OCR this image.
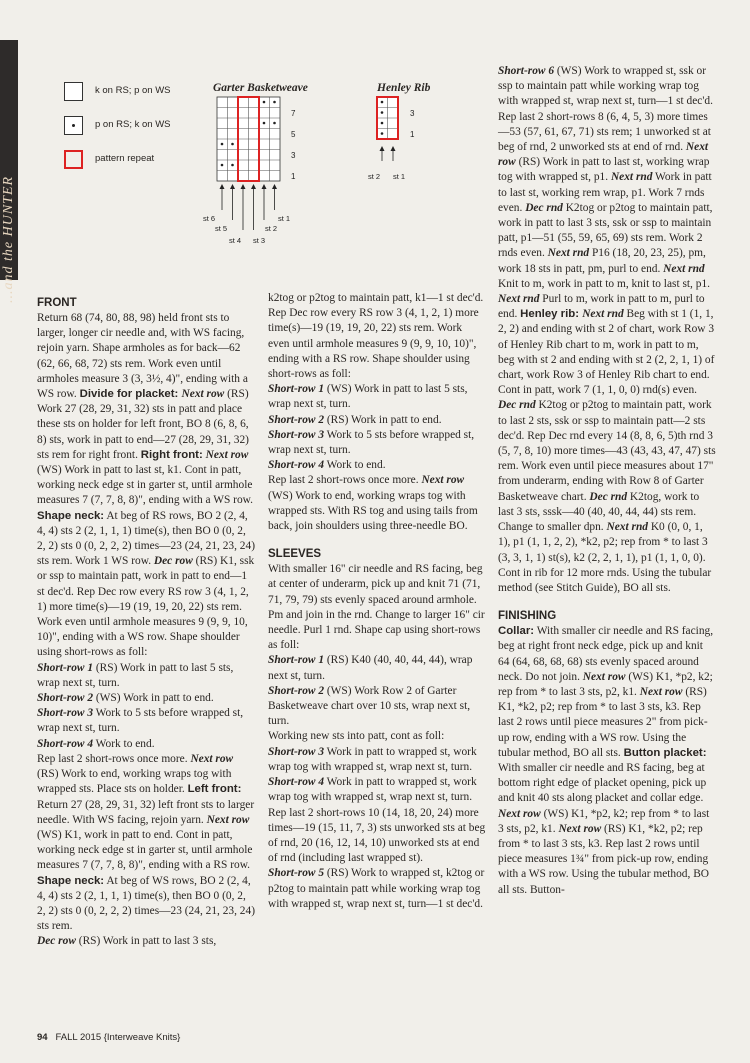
...and the HUNTER
k on RS; p on WS
p on RS; k on WS
pattern repeat
Garter Basketweave	Henley Rib
7
5
3
1
st 6
st 5
st 4 st 3
st 2
st 1
3
1
st 2 st 1
FRONT

Return 68 (74, 80, 88, 98) held front sts to larger, longer cir needle and, with WS facing, rejoin yarn. Shape armholes as for back—62 (62, 66, 68, 72) sts rem. Work even until armholes measure 3 (3, 3½, 4)", ending with a WS row. Divide for placket: Next row (RS) Work 27 (28, 29, 31, 32) sts in patt and place these sts on holder for left front, BO 8 (6, 8, 6, 8) sts, work in patt to end—27 (28, 29, 31, 32) sts rem for right front. Right front: Next row (WS) Work in patt to last st, k1. Cont in patt, working neck edge st in garter st, until armhole measures 7 (7, 7, 8, 8)", ending with a WS row. Shape neck: At beg of RS rows, BO 2 (2, 4, 4, 4) sts 2 (2, 1, 1, 1) time(s), then BO 0 (0, 2, 2, 2) sts 0 (0, 2, 2, 2) times—23 (24, 21, 23, 24) sts rem. Work 1 WS row. Dec row (RS) K1, ssk or ssp to maintain patt, work in patt to end—1 st dec'd. Rep Dec row every RS row 3 (4, 1, 2, 1) more time(s)—19 (19, 19, 20, 22) sts rem. Work even until armhole measures 9 (9, 9, 10, 10)", ending with a WS row. Shape shoulder using short-rows as foll:

Short-row 1 (RS) Work in patt to last 5 sts, wrap next st, turn.

Short-row 2 (WS) Work in patt to end.

Short-row 3 Work to 5 sts before wrapped st, wrap next st, turn.

Short-row 4 Work to end.

Rep last 2 short-rows once more. Next row (RS) Work to end, working wraps tog with wrapped sts. Place sts on holder. Left front: Return 27 (28, 29, 31, 32) left front sts to larger needle. With WS facing, rejoin yarn. Next row (WS) K1, work in patt to end. Cont in patt, working neck edge st in garter st, until armhole measures 7 (7, 7, 8, 8)", ending with a RS row. Shape neck: At beg of WS rows, BO 2 (2, 4, 4, 4) sts 2 (2, 1, 1, 1) time(s), then BO 0 (0, 2, 2, 2) sts 0 (0, 2, 2, 2) times—23 (24, 21, 23, 24) sts rem.

Dec row (RS) Work in patt to last 3 sts,

k2tog or p2tog to maintain patt, k1—1 st dec'd. Rep Dec row every RS row 3 (4, 1, 2, 1) more time(s)—19 (19, 19, 20, 22) sts rem. Work even until armhole measures 9 (9, 9, 10, 10)", ending with a RS row. Shape shoulder using short-rows as foll:

Short-row 1 (WS) Work in patt to last 5 sts, wrap next st, turn.

Short-row 2 (RS) Work in patt to end.

Short-row 3 Work to 5 sts before wrapped st, wrap next st, turn.

Short-row 4 Work to end.

Rep last 2 short-rows once more. Next row (WS) Work to end, working wraps tog with wrapped sts. With RS tog and using tails from back, join shoulders using three-needle BO.

SLEEVES

With smaller 16" cir needle and RS facing, beg at center of underarm, pick up and knit 71 (71, 71, 79, 79) sts evenly spaced around armhole. Pm and join in the rnd. Change to larger 16" cir needle. Purl 1 rnd. Shape cap using short-rows as foll:

Short-row 1 (RS) K40 (40, 40, 44, 44), wrap next st, turn.

Short-row 2 (WS) Work Row 2 of Garter Basketweave chart over 10 sts, wrap next st, turn.

Working new sts into patt, cont as foll:

Short-row 3 Work in patt to wrapped st, work wrap tog with wrapped st, wrap next st, turn.

Short-row 4 Work in patt to wrapped st, work wrap tog with wrapped st, wrap next st, turn.

Rep last 2 short-rows 10 (14, 18, 20, 24) more times—19 (15, 11, 7, 3) sts unworked sts at beg of rnd, 20 (16, 12, 14, 10) unworked sts at end of rnd (including last wrapped st).

Short-row 5 (RS) Work to wrapped st, k2tog or p2tog to maintain patt while working wrap tog with wrapped st, wrap next st, turn—1 st dec'd.

Short-row 6 (WS) Work to wrapped st, ssk or ssp to maintain patt while working wrap tog with wrapped st, wrap next st, turn—1 st dec'd.

Rep last 2 short-rows 8 (6, 4, 5, 3) more times—53 (57, 61, 67, 71) sts rem; 1 unworked st at beg of rnd, 2 unworked sts at end of rnd. Next row (RS) Work in patt to last st, working wrap tog with wrapped st, p1. Next rnd Work in patt to last st, working rem wrap, p1. Work 7 rnds even. Dec rnd K2tog or p2tog to maintain patt, work in patt to last 3 sts, ssk or ssp to maintain patt, p1—51 (55, 59, 65, 69) sts rem. Work 2 rnds even. Next rnd P16 (18, 20, 23, 25), pm, work 18 sts in patt, pm, purl to end. Next rnd Knit to m, work in patt to m, knit to last st, p1. Next rnd Purl to m, work in patt to m, purl to end. Henley rib: Next rnd Beg with st 1 (1, 1, 2, 2) and ending with st 2 of chart, work Row 3 of Henley Rib chart to m, work in patt to m, beg with st 2 and ending with st 2 (2, 2, 1, 1) of chart, work Row 3 of Henley Rib chart to end. Cont in patt, work 7 (1, 1, 0, 0) rnd(s) even. Dec rnd K2tog or p2tog to maintain patt, work to last 2 sts, ssk or ssp to maintain patt—2 sts dec'd. Rep Dec rnd every 14 (8, 8, 6, 5)th rnd 3 (5, 7, 8, 10) more times—43 (43, 43, 47, 47) sts rem. Work even until piece measures about 17" from underarm, ending with Row 8 of Garter Basketweave chart. Dec rnd K2tog, work to last 3 sts, sssk—40 (40, 40, 44, 44) sts rem. Change to smaller dpn. Next rnd K0 (0, 0, 1, 1), p1 (1, 1, 2, 2), *k2, p2; rep from * to last 3 (3, 3, 1, 1) st(s), k2 (2, 2, 1, 1), p1 (1, 1, 0, 0). Cont in rib for 12 more rnds. Using the tubular method (see Stitch Guide), BO all sts.

FINISHING

Collar: With smaller cir needle and RS facing, beg at right front neck edge, pick up and knit 64 (64, 68, 68, 68) sts evenly spaced around neck. Do not join. Next row (WS) K1, *p2, k2; rep from * to last 3 sts, p2, k1. Next row (RS) K1, *k2, p2; rep from * to last 3 sts, k3. Rep last 2 rows until piece measures 2" from pick-up row, ending with a WS row. Using the tubular method, BO all sts. Button placket: With smaller cir needle and RS facing, beg at bottom right edge of placket opening, pick up and knit 40 sts along placket and collar edge. Next row (WS) K1, *p2, k2; rep from * to last 3 sts, p2, k1. Next row (RS) K1, *k2, p2; rep from * to last 3 sts, k3. Rep last 2 rows until piece measures 1¾" from pick-up row, ending with a WS row. Using the tubular method, BO all sts. Button-

94 FALL 2015 {Interweave Knits}
